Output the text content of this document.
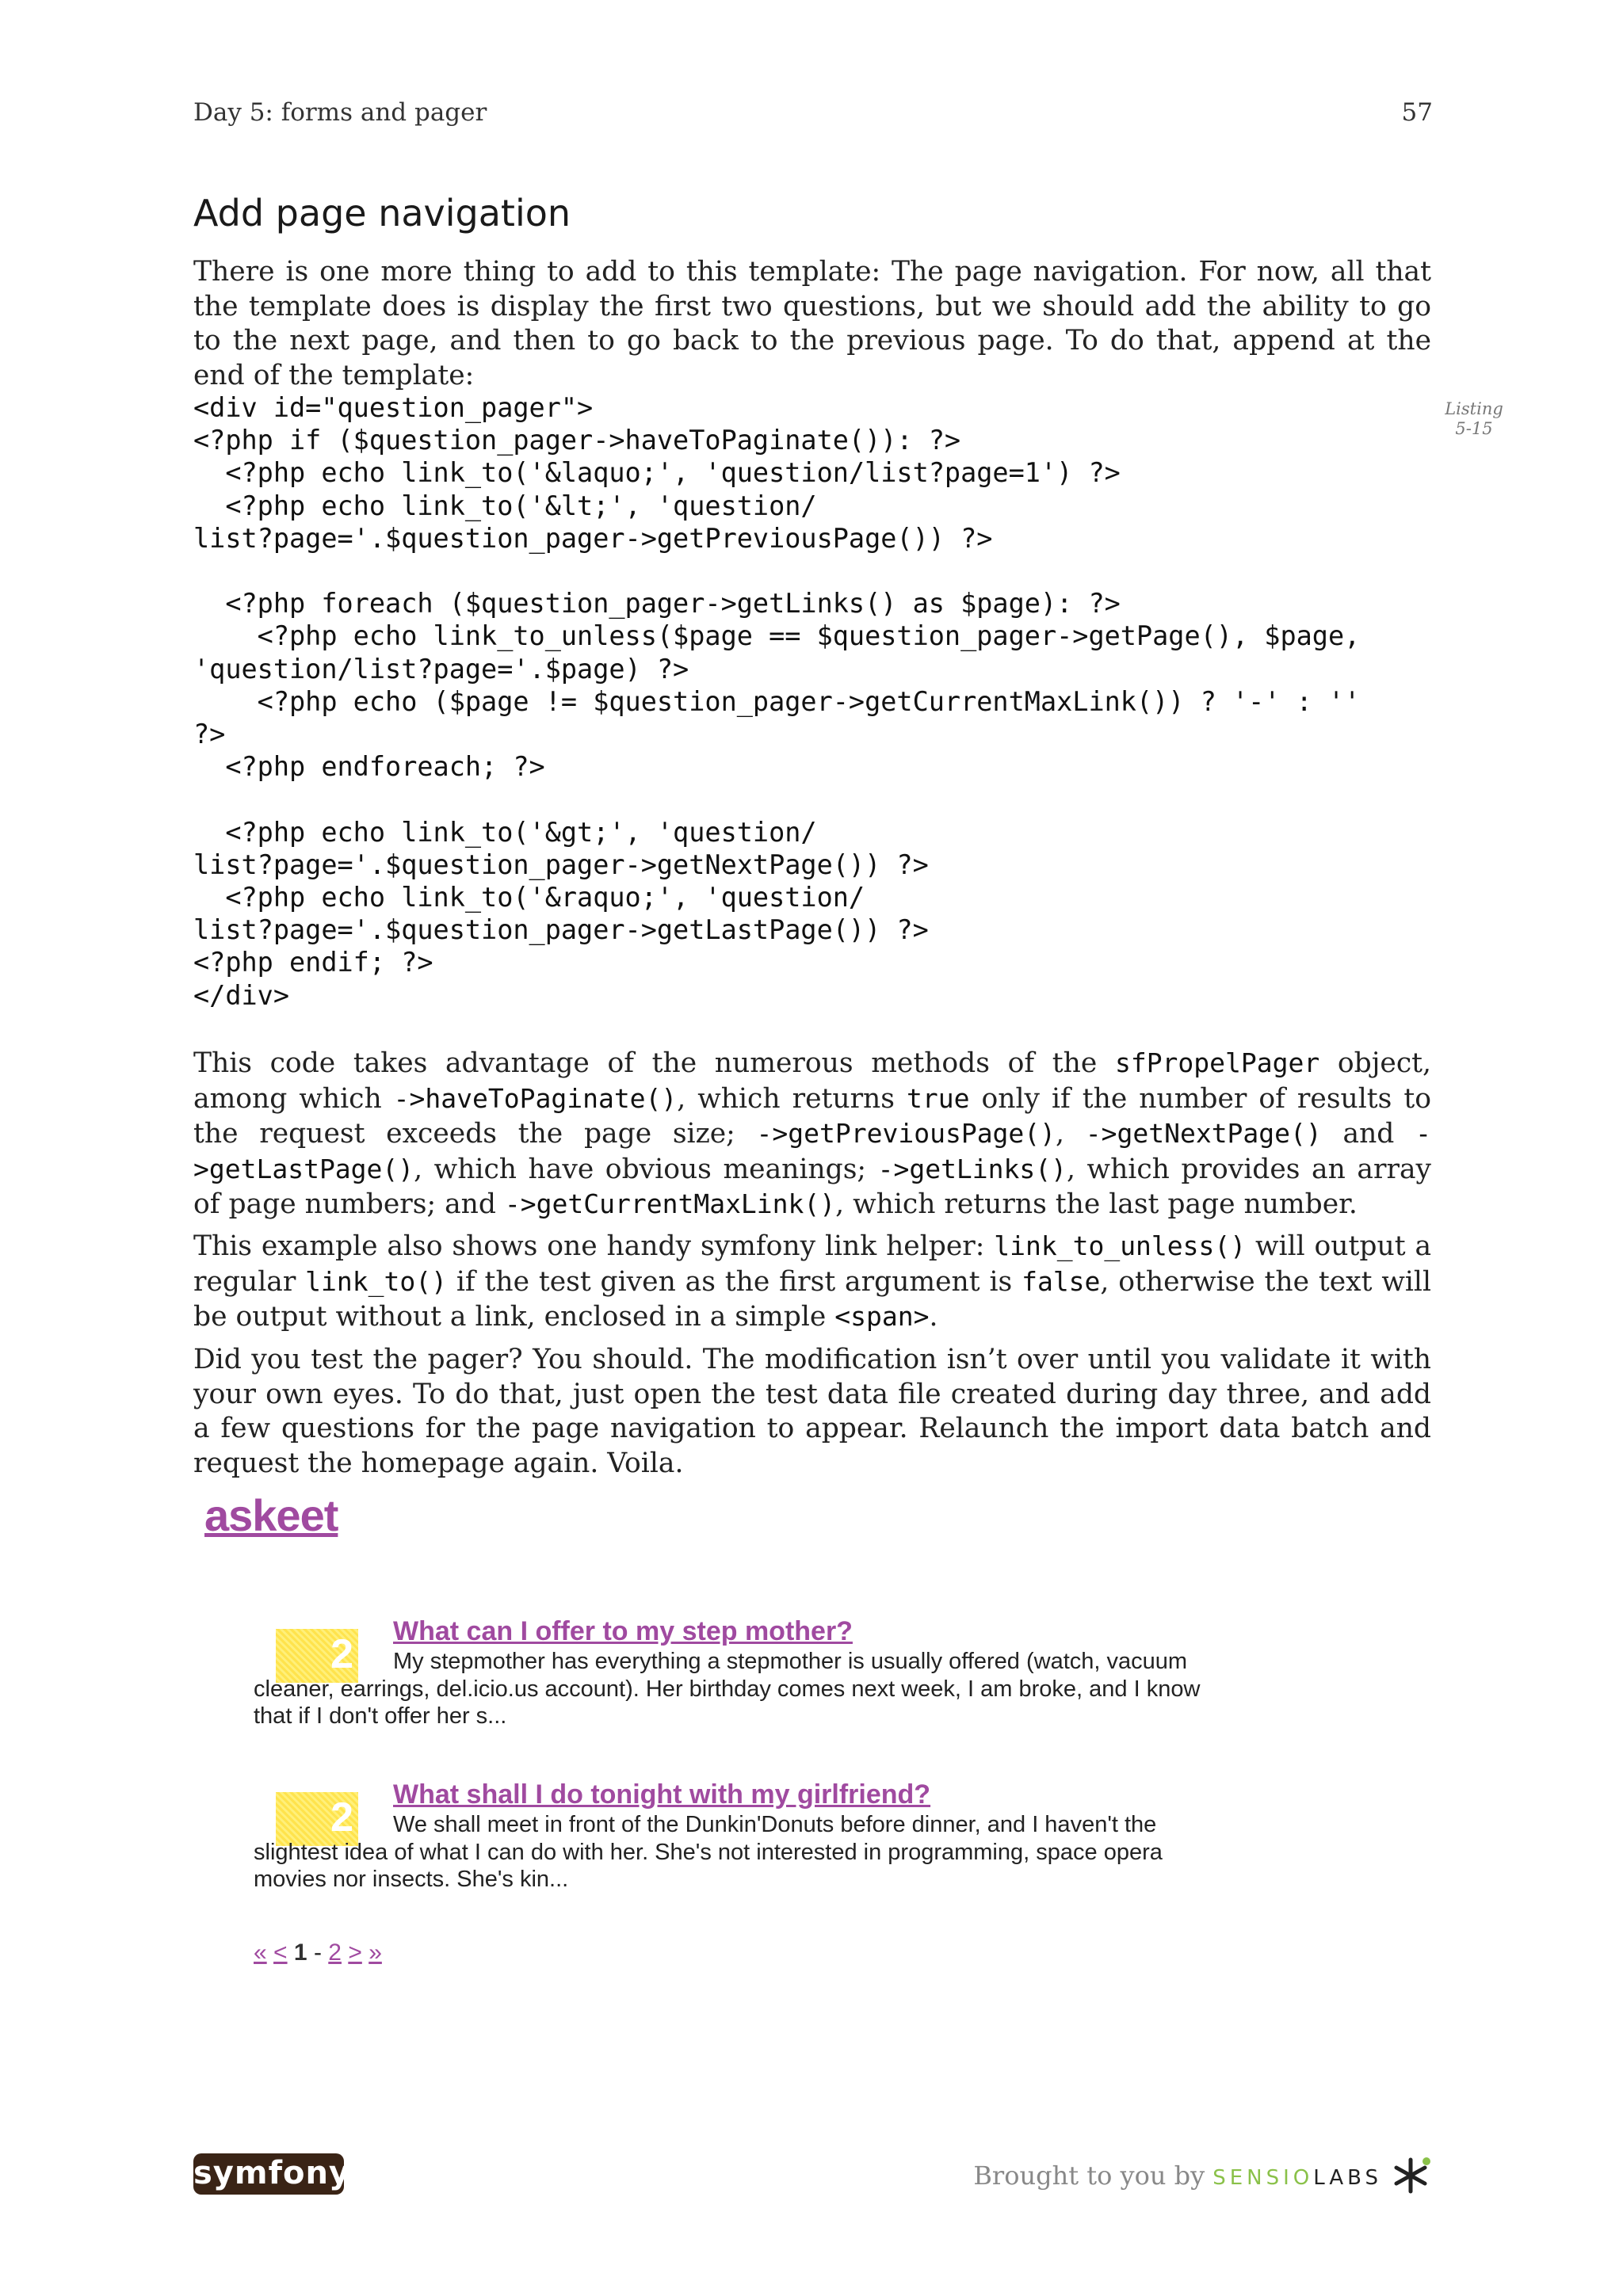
Day 5: forms and pager	57
Add page navigation
There is one more thing to add to this template: The page navigation. For now, all that the template does is display the first two questions, but we should add the ability to go to the next page, and then to go back to the previous page. To do that, append at the end of the template:
<div id="question_pager">
<?php if ($question_pager->haveToPaginate()): ?>
<?php echo link_to('&laquo;', 'question/list?page=1') ?>
<?php echo link_to('&lt;', 'question/
list?page='.$question_pager->getPreviousPage()) ?>

<?php foreach ($question_pager->getLinks() as $page): ?>
<?php echo link_to_unless($page == $question_pager->getPage(), $page,
'question/list?page='.$page) ?>
<?php echo ($page != $question_pager->getCurrentMaxLink()) ? '-' : ''
?>
<?php endforeach; ?>

<?php echo link_to('&gt;', 'question/
list?page='.$question_pager->getNextPage()) ?>
<?php echo link_to('&raquo;', 'question/
list?page='.$question_pager->getLastPage()) ?>
<?php endif; ?>
</div>
Listing
5-15
This code takes advantage of the numerous methods of the sfPropelPager object, among which ->haveToPaginate(), which returns true only if the number of results to the request exceeds the page size; ->getPreviousPage(), ->getNextPage() and ->getLastPage(), which have obvious meanings; ->getLinks(), which provides an array of page numbers; and ->getCurrentMaxLink(), which returns the last page number.
This example also shows one handy symfony link helper: link_to_unless() will output a regular link_to() if the test given as the first argument is false, otherwise the text will be output without a link, enclosed in a simple <span>.
Did you test the pager? You should. The modification isn’t over until you validate it with your own eyes. To do that, just open the test data file created during day three, and add a few questions for the page navigation to appear. Relaunch the import data batch and request the homepage again. Voila.
askeet
2 What can I offer to my step mother?
My stepmother has everything a stepmother is usually offered (watch, vacuum cleaner, earrings, del.icio.us account). Her birthday comes next week, I am broke, and I know that if I don't offer her s...
2 What shall I do tonight with my girlfriend?
We shall meet in front of the Dunkin'Donuts before dinner, and I haven't the slightest idea of what I can do with her. She's not interested in programming, space opera movies nor insects. She's kin...
« < 1 - 2 > »
symfony	Brought to you by SENSIOLABS
